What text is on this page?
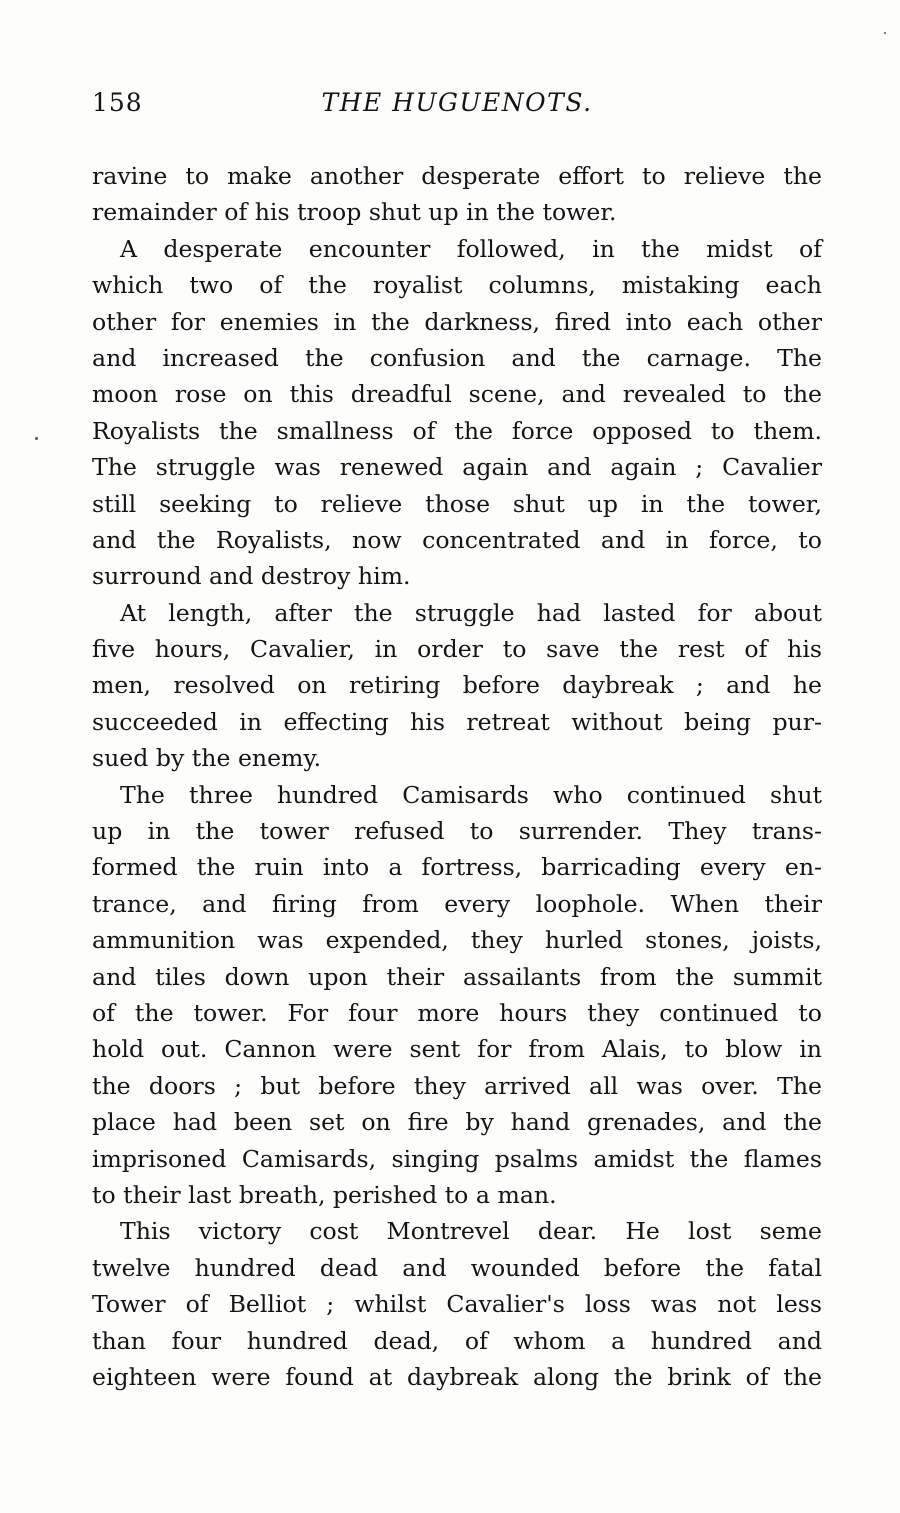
158	THE HUGUENOTS.
ravine to make another desperate effort to relieve the
remainder of his troop shut up in the tower.
A desperate encounter followed, in the midst of
which two of the royalist columns, mistaking each
other for enemies in the darkness, fired into each other
and increased the confusion and the carnage. The
moon rose on this dreadful scene, and revealed to the
Royalists the smallness of the force opposed to them.
The struggle was renewed again and again ; Cavalier
still seeking to relieve those shut up in the tower,
and the Royalists, now concentrated and in force, to
surround and destroy him.
At length, after the struggle had lasted for about
five hours, Cavalier, in order to save the rest of his
men, resolved on retiring before daybreak ; and he
succeeded in effecting his retreat without being pur-
sued by the enemy.
The three hundred Camisards who continued shut
up in the tower refused to surrender. They trans-
formed the ruin into a fortress, barricading every en-
trance, and firing from every loophole. When their
ammunition was expended, they hurled stones, joists,
and tiles down upon their assailants from the summit
of the tower. For four more hours they continued to
hold out. Cannon were sent for from Alais, to blow in
the doors ; but before they arrived all was over. The
place had been set on fire by hand grenades, and the
imprisoned Camisards, singing psalms amidst the flames
to their last breath, perished to a man.
This victory cost Montrevel dear. He lost seme
twelve hundred dead and wounded before the fatal
Tower of Belliot ; whilst Cavalier's loss was not less
than four hundred dead, of whom a hundred and
eighteen were found at daybreak along the brink of the
